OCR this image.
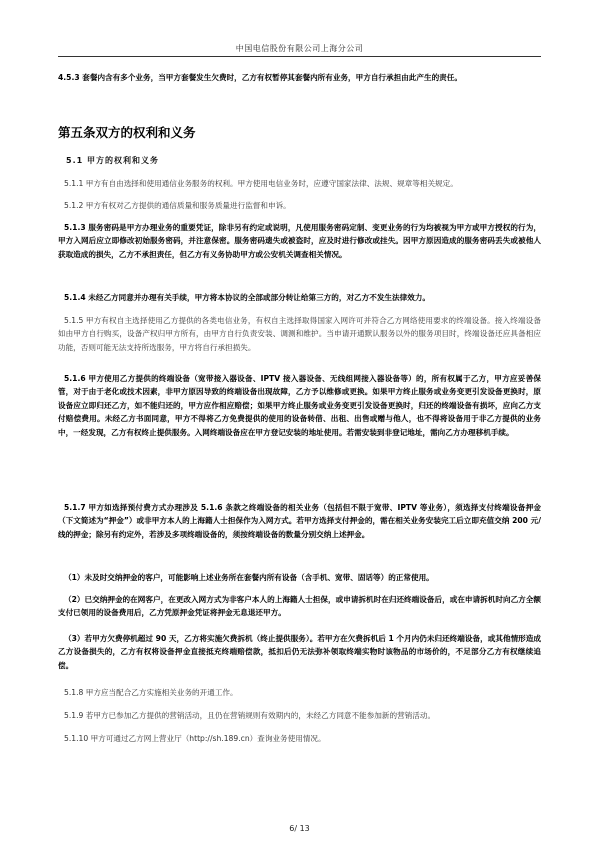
中国电信股份有限公司上海分公司

4.5.3 套餐内含有多个业务，当甲方套餐发生欠费时，乙方有权暂停其套餐内所有业务，甲方自行承担由此产生的责任。

第五条双方的权利和义务
5.1 甲方的权利和义务

5.1.1 甲方有自由选择和使用通信业务服务的权利。甲方使用电信业务时，应遵守国家法律、法规、规章等相关规定。

5.1.2 甲方有权对乙方提供的通信质量和服务质量进行监督和申诉。

5.1.3 服务密码是甲方办理业务的重要凭证，除非另有约定或说明，凡使用服务密码定制、变更业务的行为均被视为甲方或甲方授权的行为，甲方入网后应立即修改初始服务密码，并注意保密。服务密码遗失或被盗时，应及时进行修改或挂失。因甲方原因造成的服务密码丢失或被他人获取造成的损失，乙方不承担责任，但乙方有义务协助甲方或公安机关调查相关情况。

5.1.4 未经乙方同意并办理有关手续，甲方将本协议的全部或部分转让给第三方的，对乙方不发生法律效力。

5.1.5 甲方有权自主选择使用乙方提供的各类电信业务，有权自主选择取得国家入网许可并符合乙方网络使用要求的终端设备。接入终端设备如由甲方自行购买，设备产权归甲方所有，由甲方自行负责安装、调测和维护。当申请开通默认服务以外的服务项目时，终端设备还应具备相应功能，否则可能无法支持所选服务，甲方将自行承担损失。

5.1.6 甲方使用乙方提供的终端设备（宽带接入器设备、IPTV 接入器设备、无线组网接入器设备等）的，所有权属于乙方，甲方应妥善保管，对于由于老化或技术因素，非甲方原因导致的终端设备出现故障，乙方予以维修或更换。如果甲方终止服务或业务变更引发设备更换时，原设备应立即归还乙方，如不能归还的，甲方应作相应赔偿；如果甲方终止服务或业务变更引发设备更换时，归还的终端设备有损坏，应向乙方支付赔偿费用。未经乙方书面同意，甲方不得将乙方免费提供的使用的设备转借、出租、出售或赠与他人，也不得将设备用于非乙方提供的业务中，一经发现，乙方有权终止提供服务。入网终端设备应在甲方登记安装的地址使用。若需安装到非登记地址，需向乙方办理移机手续。

5.1.7 甲方如选择预付费方式办理涉及 5.1.6 条款之终端设备的相关业务（包括但不限于宽带、IPTV 等业务），须选择支付终端设备押金（下文简述为“押金”）或非甲方本人的上海籍人士担保作为入网方式。若甲方选择支付押金的，需在相关业务安装完工后立即充值交纳 200 元/线的押金；除另有约定外，若涉及多项终端设备的，须按终端设备的数量分别交纳上述押金。

（1）未及时交纳押金的客户，可能影响上述业务所在套餐内所有设备（含手机、宽带、固话等）的正常使用。

（2）已交纳押金的在网客户，在更改入网方式为非客户本人的上海籍人士担保，或申请拆机时在归还终端设备后，或在申请拆机时向乙方全额支付已领用的设备费用后，乙方凭原押金凭证将押金无息退还甲方。

（3）若甲方欠费停机超过 90 天，乙方将实施欠费拆机（终止提供服务）。若甲方在欠费拆机后 1 个月内仍未归还终端设备，或其他情形造成乙方设备损失的，乙方有权将设备押金直接抵充终端赔偿款，抵扣后仍无法弥补领取终端实物时该物品的市场价的，不足部分乙方有权继续追偿。

5.1.8 甲方应当配合乙方实施相关业务的开通工作。

5.1.9 若甲方已参加乙方提供的营销活动，且仍在营销规则有效期内的，未经乙方同意不能参加新的营销活动。

5.1.10 甲方可通过乙方网上营业厅（http://sh.189.cn）查询业务使用情况。

6/ 13
